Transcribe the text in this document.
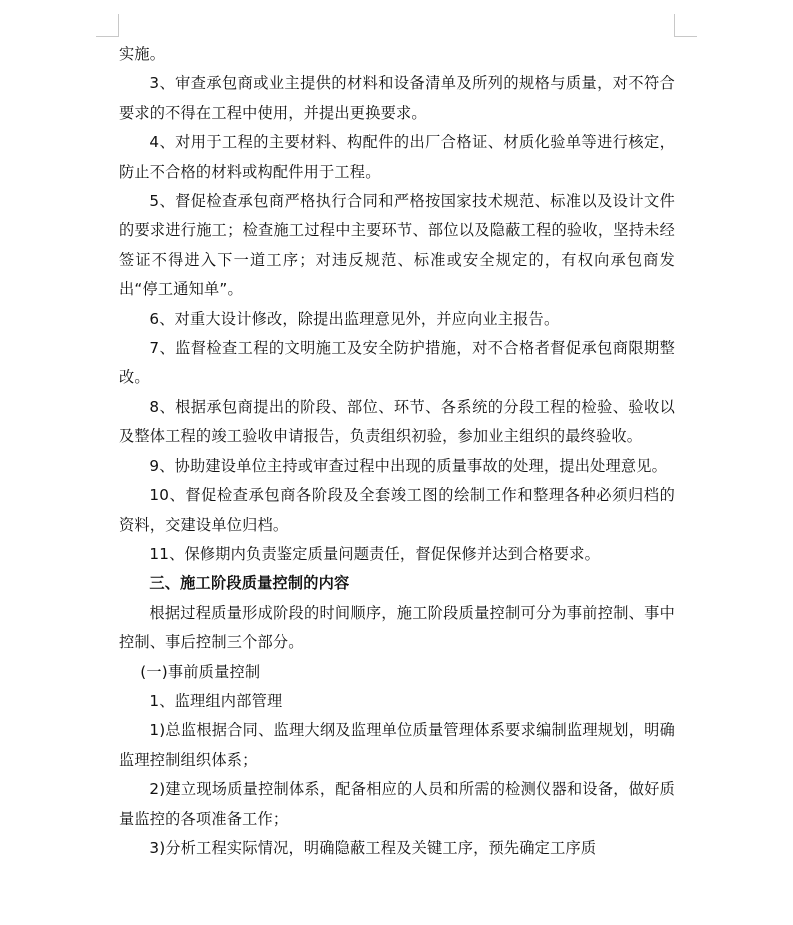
实施。

3、审查承包商或业主提供的材料和设备清单及所列的规格与质量，对不符合要求的不得在工程中使用，并提出更换要求。

4、对用于工程的主要材料、构配件的出厂合格证、材质化验单等进行核定，防止不合格的材料或构配件用于工程。

5、督促检查承包商严格执行合同和严格按国家技术规范、标准以及设计文件的要求进行施工；检查施工过程中主要环节、部位以及隐蔽工程的验收，坚持未经签证不得进入下一道工序；对违反规范、标准或安全规定的，有权向承包商发出“停工通知单”。

6、对重大设计修改，除提出监理意见外，并应向业主报告。

7、监督检查工程的文明施工及安全防护措施，对不合格者督促承包商限期整改。

8、根据承包商提出的阶段、部位、环节、各系统的分段工程的检验、验收以及整体工程的竣工验收申请报告，负责组织初验，参加业主组织的最终验收。

9、协助建设单位主持或审查过程中出现的质量事故的处理，提出处理意见。

10、督促检查承包商各阶段及全套竣工图的绘制工作和整理各种必须归档的资料，交建设单位归档。

11、保修期内负责鉴定质量问题责任，督促保修并达到合格要求。

三、施工阶段质量控制的内容

根据过程质量形成阶段的时间顺序，施工阶段质量控制可分为事前控制、事中控制、事后控制三个部分。

(一)事前质量控制

1、监理组内部管理

1)总监根据合同、监理大纲及监理单位质量管理体系要求编制监理规划，明确监理控制组织体系；

2)建立现场质量控制体系，配备相应的人员和所需的检测仪器和设备，做好质量监控的各项准备工作；

3)分析工程实际情况，明确隐蔽工程及关键工序，预先确定工序质
